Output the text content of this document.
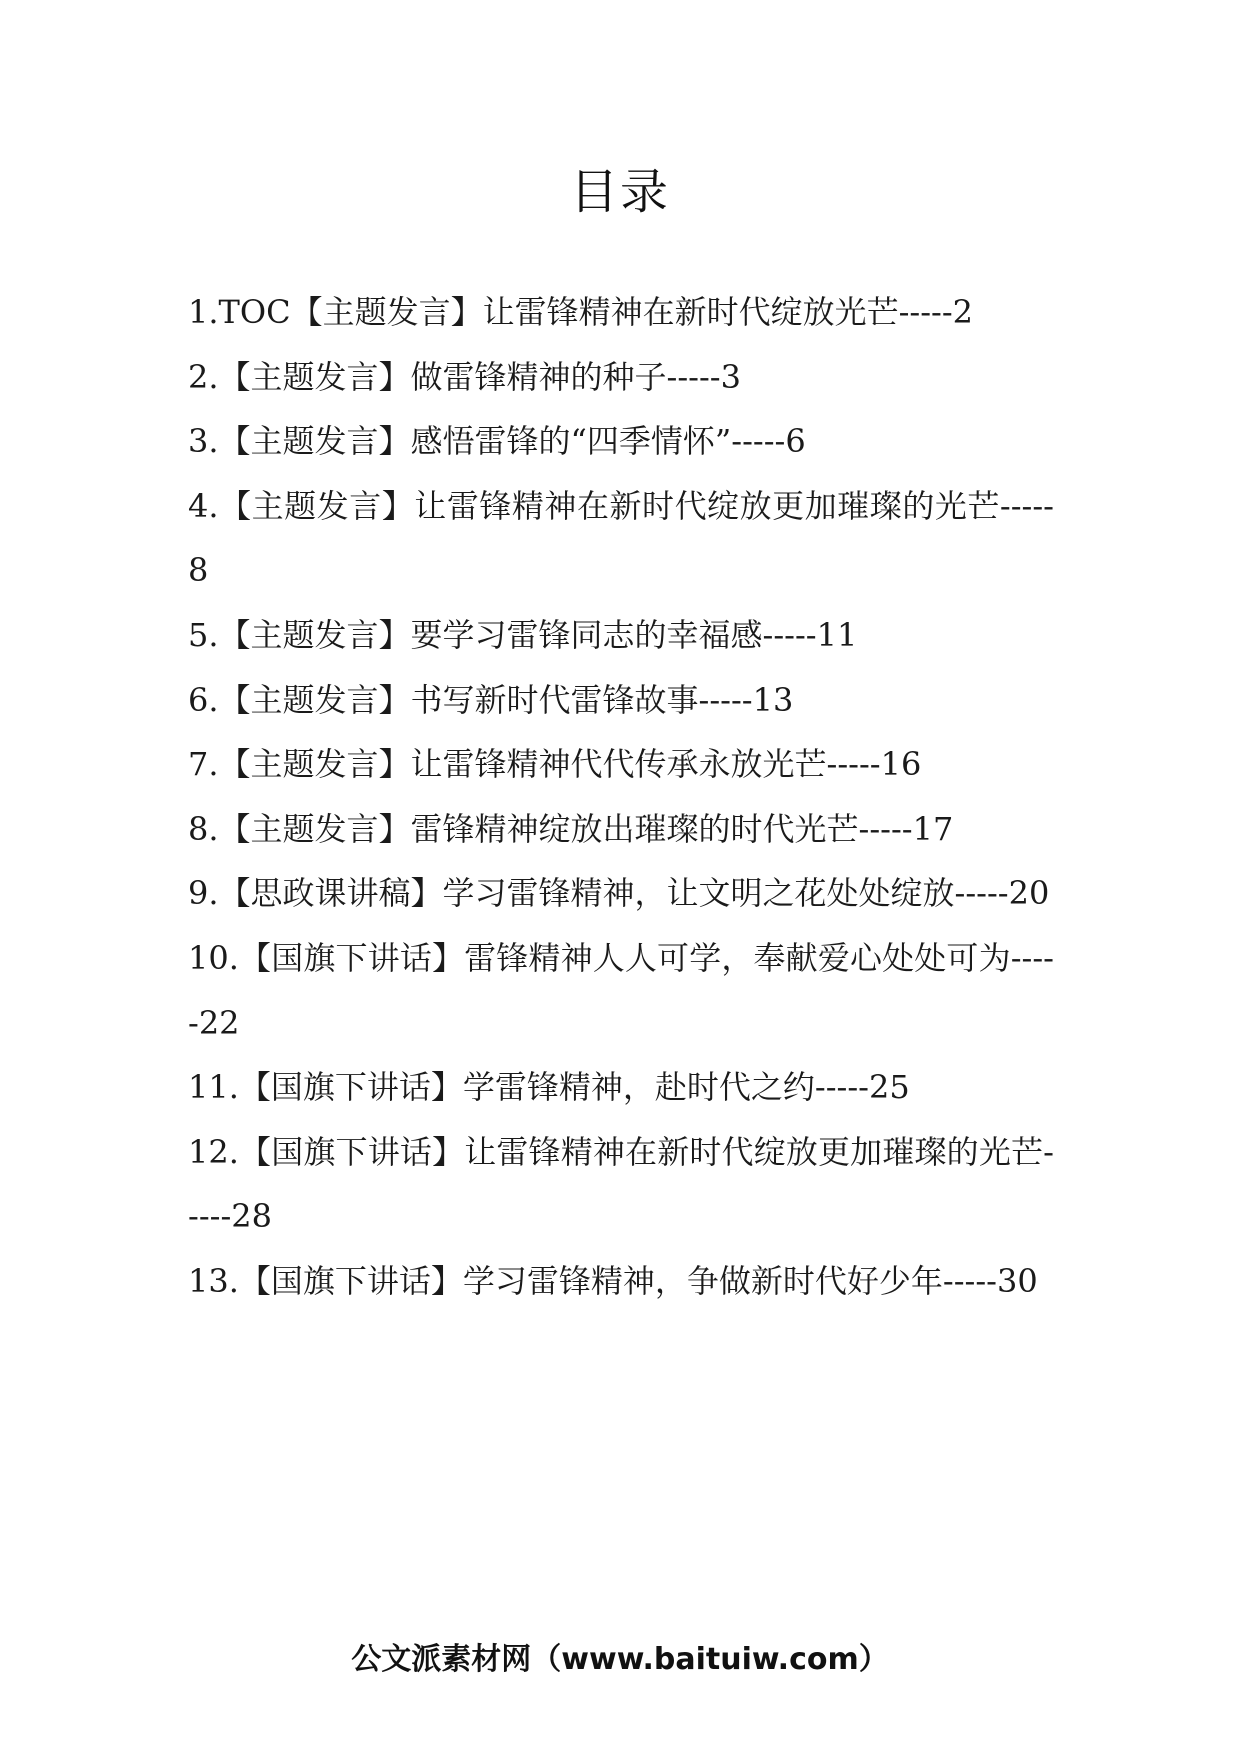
目录

1.TOC【主题发言】让雷锋精神在新时代绽放光芒-----2

2.【主题发言】做雷锋精神的种子-----3

3.【主题发言】感悟雷锋的“四季情怀”-----6

4.【主题发言】让雷锋精神在新时代绽放更加璀璨的光芒-----8

5.【主题发言】要学习雷锋同志的幸福感-----11

6.【主题发言】书写新时代雷锋故事-----13

7.【主题发言】让雷锋精神代代传承永放光芒-----16

8.【主题发言】雷锋精神绽放出璀璨的时代光芒-----17

9.【思政课讲稿】学习雷锋精神，让文明之花处处绽放-----20

10.【国旗下讲话】雷锋精神人人可学，奉献爱心处处可为-----22

11.【国旗下讲话】学雷锋精神，赴时代之约-----25

12.【国旗下讲话】让雷锋精神在新时代绽放更加璀璨的光芒-----28

13.【国旗下讲话】学习雷锋精神，争做新时代好少年-----30

公文派素材网（www.baituiw.com）
